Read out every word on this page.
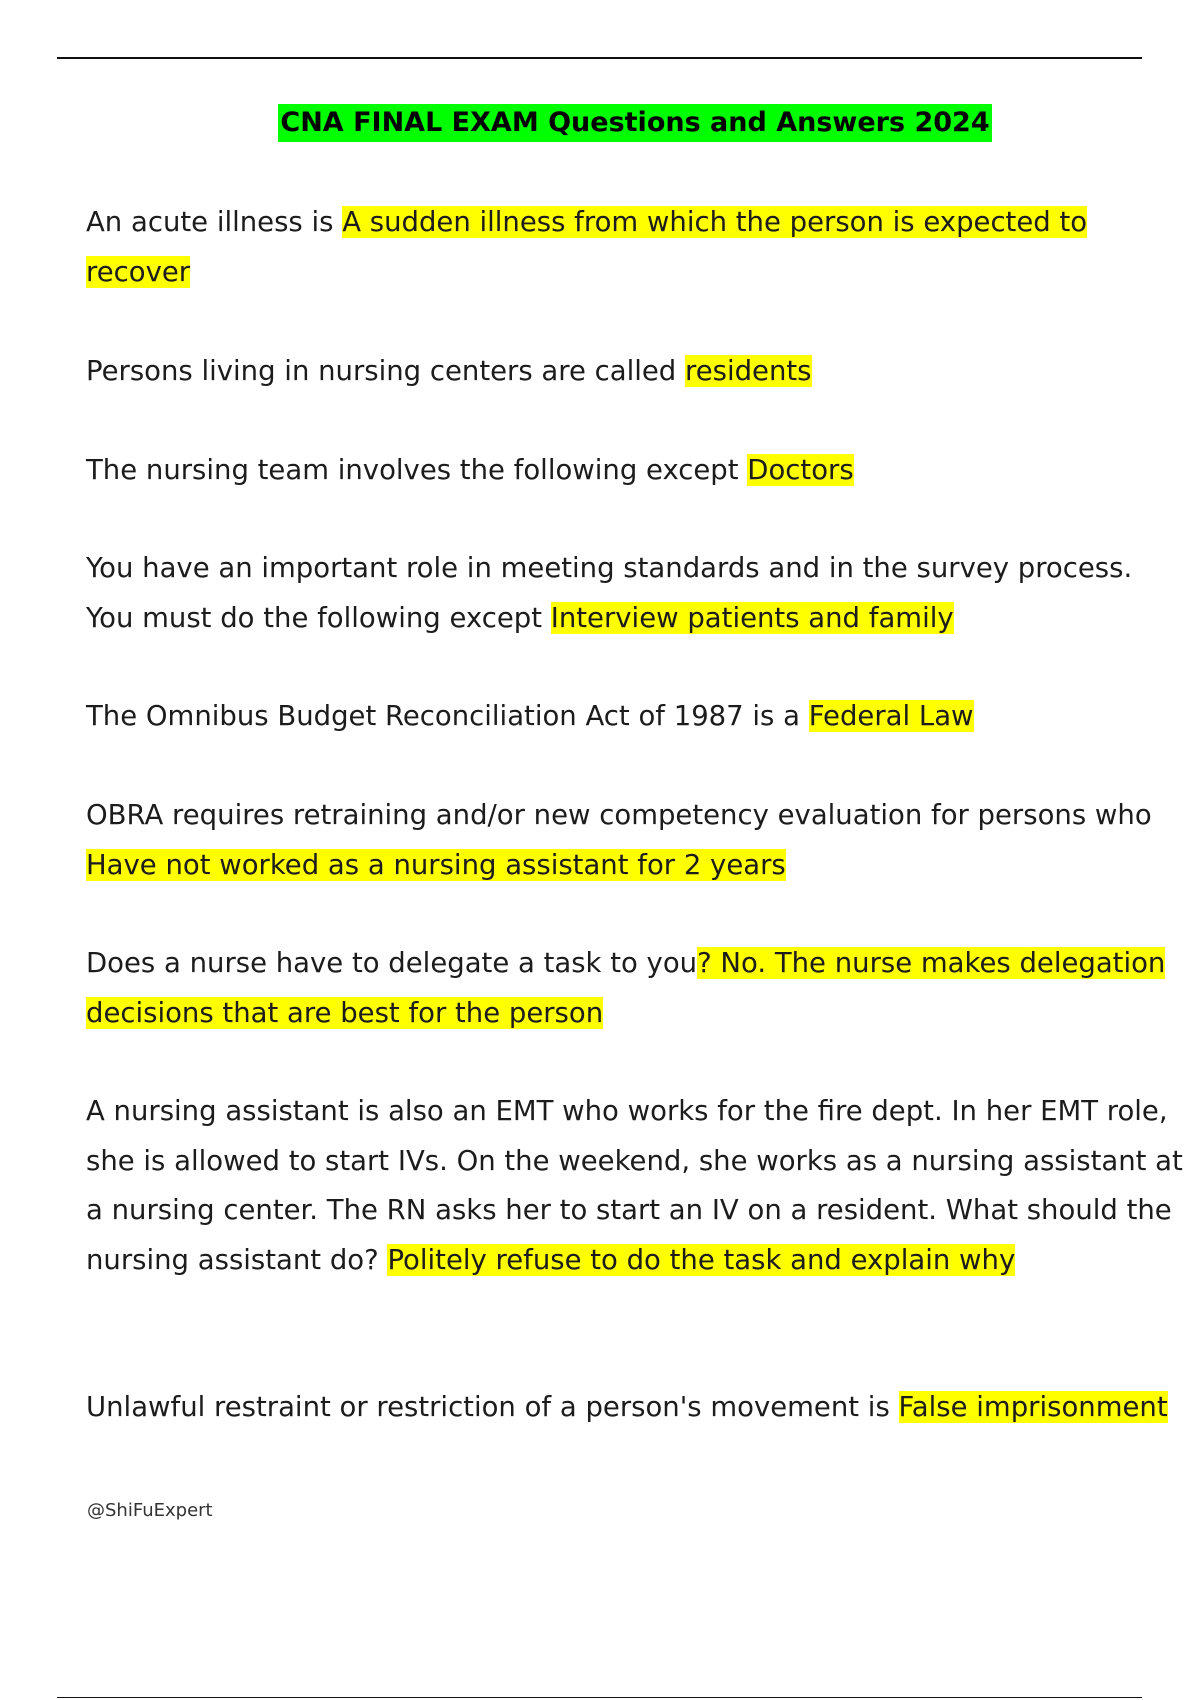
CNA FINAL EXAM Questions and Answers 2024

An acute illness is A sudden illness from which the person is expected to recover

Persons living in nursing centers are called residents

The nursing team involves the following except Doctors

You have an important role in meeting standards and in the survey process. You must do the following except Interview patients and family

The Omnibus Budget Reconciliation Act of 1987 is a Federal Law

OBRA requires retraining and/or new competency evaluation for persons who Have not worked as a nursing assistant for 2 years

Does a nurse have to delegate a task to you? No. The nurse makes delegation decisions that are best for the person

A nursing assistant is also an EMT who works for the fire dept. In her EMT role, she is allowed to start IVs. On the weekend, she works as a nursing assistant at a nursing center. The RN asks her to start an IV on a resident. What should the nursing assistant do? Politely refuse to do the task and explain why

Unlawful restraint or restriction of a person's movement is False imprisonment

@ShiFuExpert
